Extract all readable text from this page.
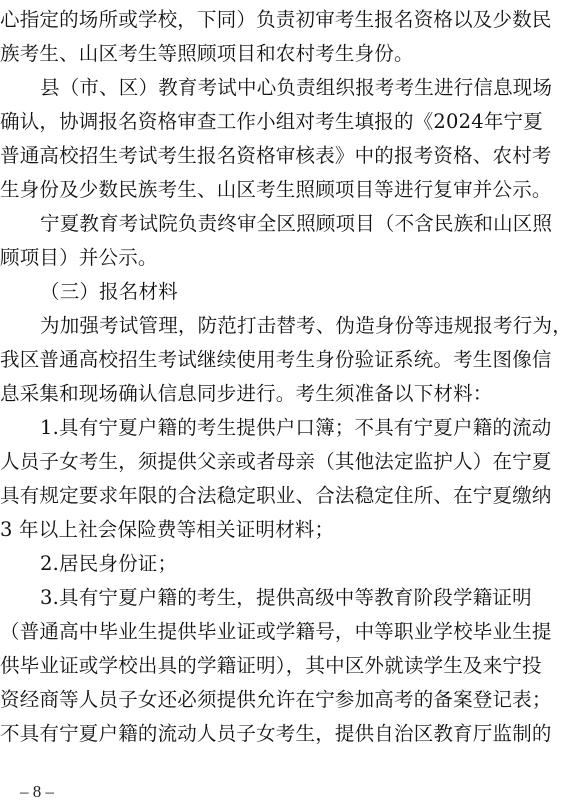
心指定的场所或学校，下同）负责初审考生报名资格以及少数民
族考生、山区考生等照顾项目和农村考生身份。
县（市、区）教育考试中心负责组织报考考生进行信息现场
确认，协调报名资格审查工作小组对考生填报的《2024年宁夏
普通高校招生考试考生报名资格审核表》中的报考资格、农村考
生身份及少数民族考生、山区考生照顾项目等进行复审并公示。
宁夏教育考试院负责终审全区照顾项目（不含民族和山区照
顾项目）并公示。
（三）报名材料
为加强考试管理，防范打击替考、伪造身份等违规报考行为，
我区普通高校招生考试继续使用考生身份验证系统。考生图像信
息采集和现场确认信息同步进行。考生须准备以下材料：
1.具有宁夏户籍的考生提供户口簿；不具有宁夏户籍的流动
人员子女考生，须提供父亲或者母亲（其他法定监护人）在宁夏
具有规定要求年限的合法稳定职业、合法稳定住所、在宁夏缴纳
3 年以上社会保险费等相关证明材料；
2.居民身份证；
3.具有宁夏户籍的考生，提供高级中等教育阶段学籍证明
（普通高中毕业生提供毕业证或学籍号，中等职业学校毕业生提
供毕业证或学校出具的学籍证明），其中区外就读学生及来宁投
资经商等人员子女还必须提供允许在宁参加高考的备案登记表；
不具有宁夏户籍的流动人员子女考生，提供自治区教育厅监制的
– 8 –
